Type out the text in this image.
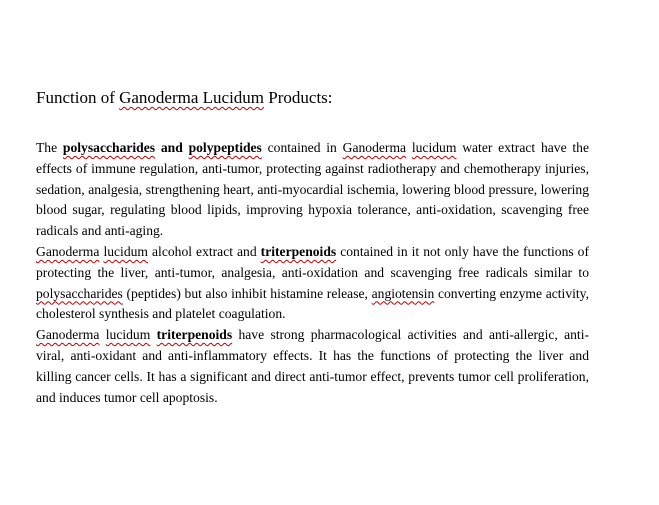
Function of Ganoderma Lucidum Products:

The polysaccharides and polypeptides contained in Ganoderma lucidum water extract have the effects of immune regulation, anti-tumor, protecting against radiotherapy and chemotherapy injuries, sedation, analgesia, strengthening heart, anti-myocardial ischemia, lowering blood pressure, lowering blood sugar, regulating blood lipids, improving hypoxia tolerance, anti-oxidation, scavenging free radicals and anti-aging.

Ganoderma lucidum alcohol extract and triterpenoids contained in it not only have the functions of protecting the liver, anti-tumor, analgesia, anti-oxidation and scavenging free radicals similar to polysaccharides (peptides) but also inhibit histamine release, angiotensin converting enzyme activity, cholesterol synthesis and platelet coagulation.

Ganoderma lucidum triterpenoids have strong pharmacological activities and anti-allergic, anti-viral, anti-oxidant and anti-inflammatory effects. It has the functions of protecting the liver and killing cancer cells. It has a significant and direct anti-tumor effect, prevents tumor cell proliferation, and induces tumor cell apoptosis.
